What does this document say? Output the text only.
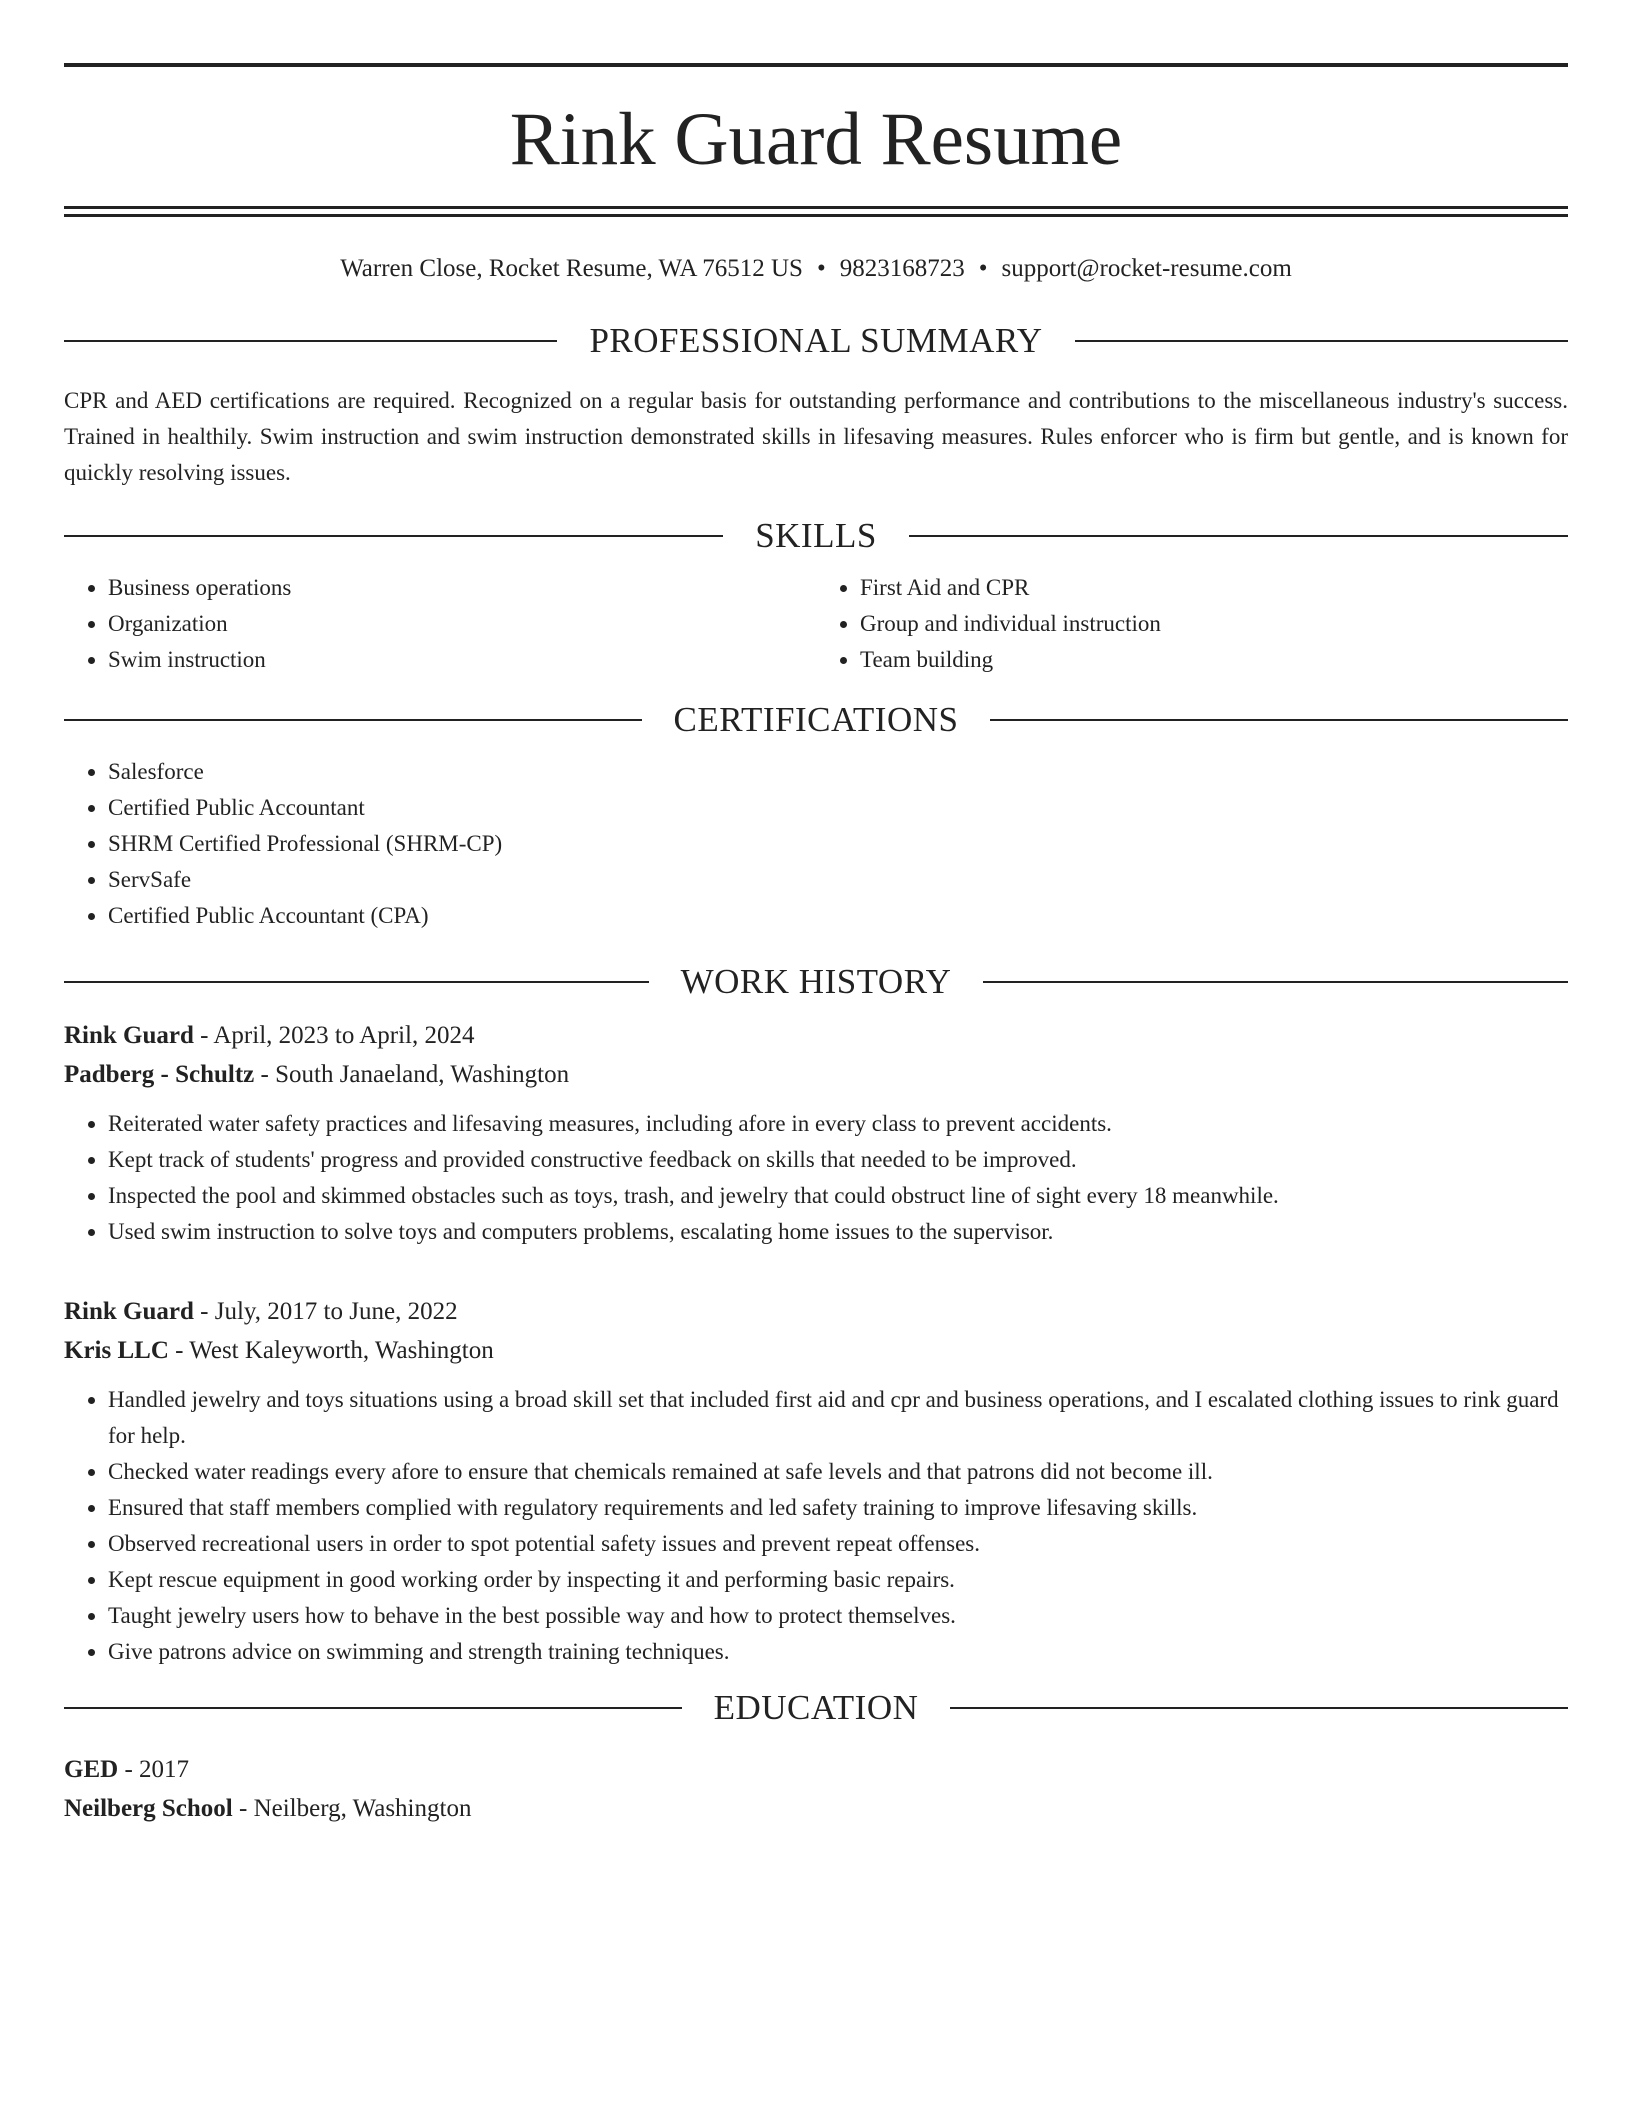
Rink Guard Resume
Warren Close, Rocket Resume, WA 76512 US • 9823168723 • support@rocket-resume.com
PROFESSIONAL SUMMARY

CPR and AED certifications are required. Recognized on a regular basis for outstanding performance and contributions to the miscellaneous industry's success. Trained in healthily. Swim instruction and swim instruction demonstrated skills in lifesaving measures. Rules enforcer who is firm but gentle, and is known for quickly resolving issues.

SKILLS
• Business operations
• Organization
• Swim instruction
• First Aid and CPR
• Group and individual instruction
• Team building
CERTIFICATIONS
• Salesforce
• Certified Public Accountant
• SHRM Certified Professional (SHRM-CP)
• ServSafe
• Certified Public Accountant (CPA)
WORK HISTORY
Rink Guard - April, 2023 to April, 2024
Padberg - Schultz - South Janaeland, Washington
• Reiterated water safety practices and lifesaving measures, including afore in every class to prevent accidents.
• Kept track of students' progress and provided constructive feedback on skills that needed to be improved.
• Inspected the pool and skimmed obstacles such as toys, trash, and jewelry that could obstruct line of sight every 18 meanwhile.
• Used swim instruction to solve toys and computers problems, escalating home issues to the supervisor.
Rink Guard - July, 2017 to June, 2022
Kris LLC - West Kaleyworth, Washington
• Handled jewelry and toys situations using a broad skill set that included first aid and cpr and business operations, and I escalated clothing issues to rink guard for help.
• Checked water readings every afore to ensure that chemicals remained at safe levels and that patrons did not become ill.
• Ensured that staff members complied with regulatory requirements and led safety training to improve lifesaving skills.
• Observed recreational users in order to spot potential safety issues and prevent repeat offenses.
• Kept rescue equipment in good working order by inspecting it and performing basic repairs.
• Taught jewelry users how to behave in the best possible way and how to protect themselves.
• Give patrons advice on swimming and strength training techniques.
EDUCATION
GED - 2017
Neilberg School - Neilberg, Washington
